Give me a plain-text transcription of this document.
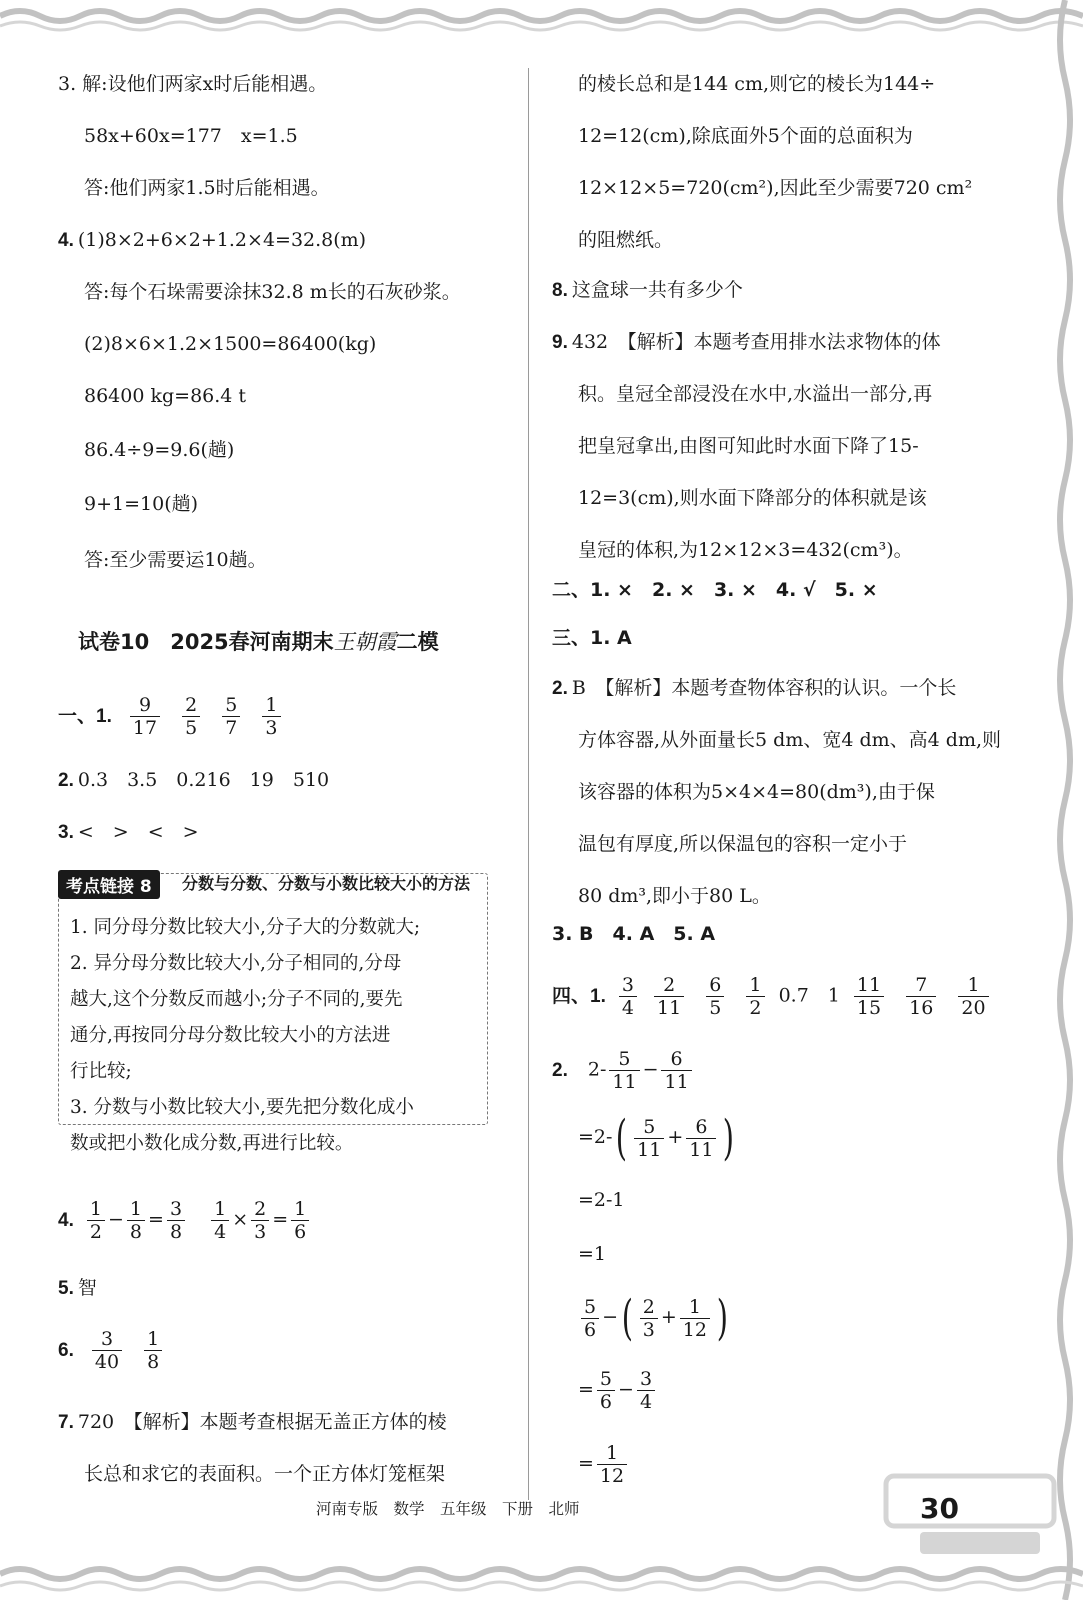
3. 解:设他们两家x时后能相遇。
58x+60x=177　x=1.5
答:他们两家1.5时后能相遇。
4. (1)8×2+6×2+1.2×4=32.8(m)
答:每个石垛需要涂抹32.8 m长的石灰砂浆。
(2)8×6×1.2×1500=86400(kg)
86400 kg=86.4 t
86.4÷9=9.6(趟)
9+1=10(趟)
答:至少需要运10趟。
试卷10　2025春河南期末王朝霞二模
一、1. $\frac{9}{17}$
$\frac{2}{5}$
$\frac{5}{7}$
$\frac{1}{3}$
2. 0.3　3.5　0.216　19　510
3. <　>　<　>
考点链接 8	分数与分数、分数与小数比较大小的方法
1. 同分母分数比较大小,分子大的分数就大;
2. 异分母分数比较大小,分子相同的,分母
越大,这个分数反而越小;分子不同的,要先
通分,再按同分母分数比较大小的方法进
行比较;
3. 分数与小数比较大小,要先把分数化成小
数或把小数化成分数,再进行比较。
4. $\frac{1}{2} - \frac{1}{8} = \frac{3}{8}$
$\frac{1}{4} \times \frac{2}{3} = \frac{1}{6}$
5. 智
6. $\frac{3}{40}$
$\frac{1}{8}$
7. 720　【解析】本题考查根据无盖正方体的棱
长总和求它的表面积。一个正方体灯笼框架
的棱长总和是144 cm,则它的棱长为144÷
12=12(cm),除底面外5个面的总面积为
12×12×5=720(cm²),因此至少需要720 cm²
的阻燃纸。
8. 这盒球一共有多少个
9. 432　【解析】本题考查用排水法求物体的体
积。皇冠全部浸没在水中,水溢出一部分,再
把皇冠拿出,由图可知此时水面下降了15-
12=3(cm),则水面下降部分的体积就是该
皇冠的体积,为12×12×3=432(cm³)。
二、1. ×　2. ×　3. ×　4. √　5. ×
三、1. A
2. B　【解析】本题考查物体容积的认识。一个长
方体容器,从外面量长5 dm、宽4 dm、高4 dm,则
该容器的体积为5×4×4=80(dm³),由于保
温包有厚度,所以保温包的容积一定小于
80 dm³,即小于80 L。
3. B　4. A　5. A
四、1. $\frac{3}{4}$
$\frac{2}{11}$
$\frac{6}{5}$
$\frac{1}{2} 0.7$　$1 \frac{11}{15}$
$\frac{7}{16}$
$\frac{1}{20}$
2. $2- \frac{5}{11} - \frac{6}{11}$
$=2-( \frac{5}{11} + \frac{6}{11}$ )
=2-1
=1
$\frac{5}{6}$ −( $\frac{2}{3} + \frac{1}{12}$ )
= $\frac{5}{6} - \frac{3}{4}$
= $\frac{1}{12}$
河南专版　数学　五年级　下册　北师	30
